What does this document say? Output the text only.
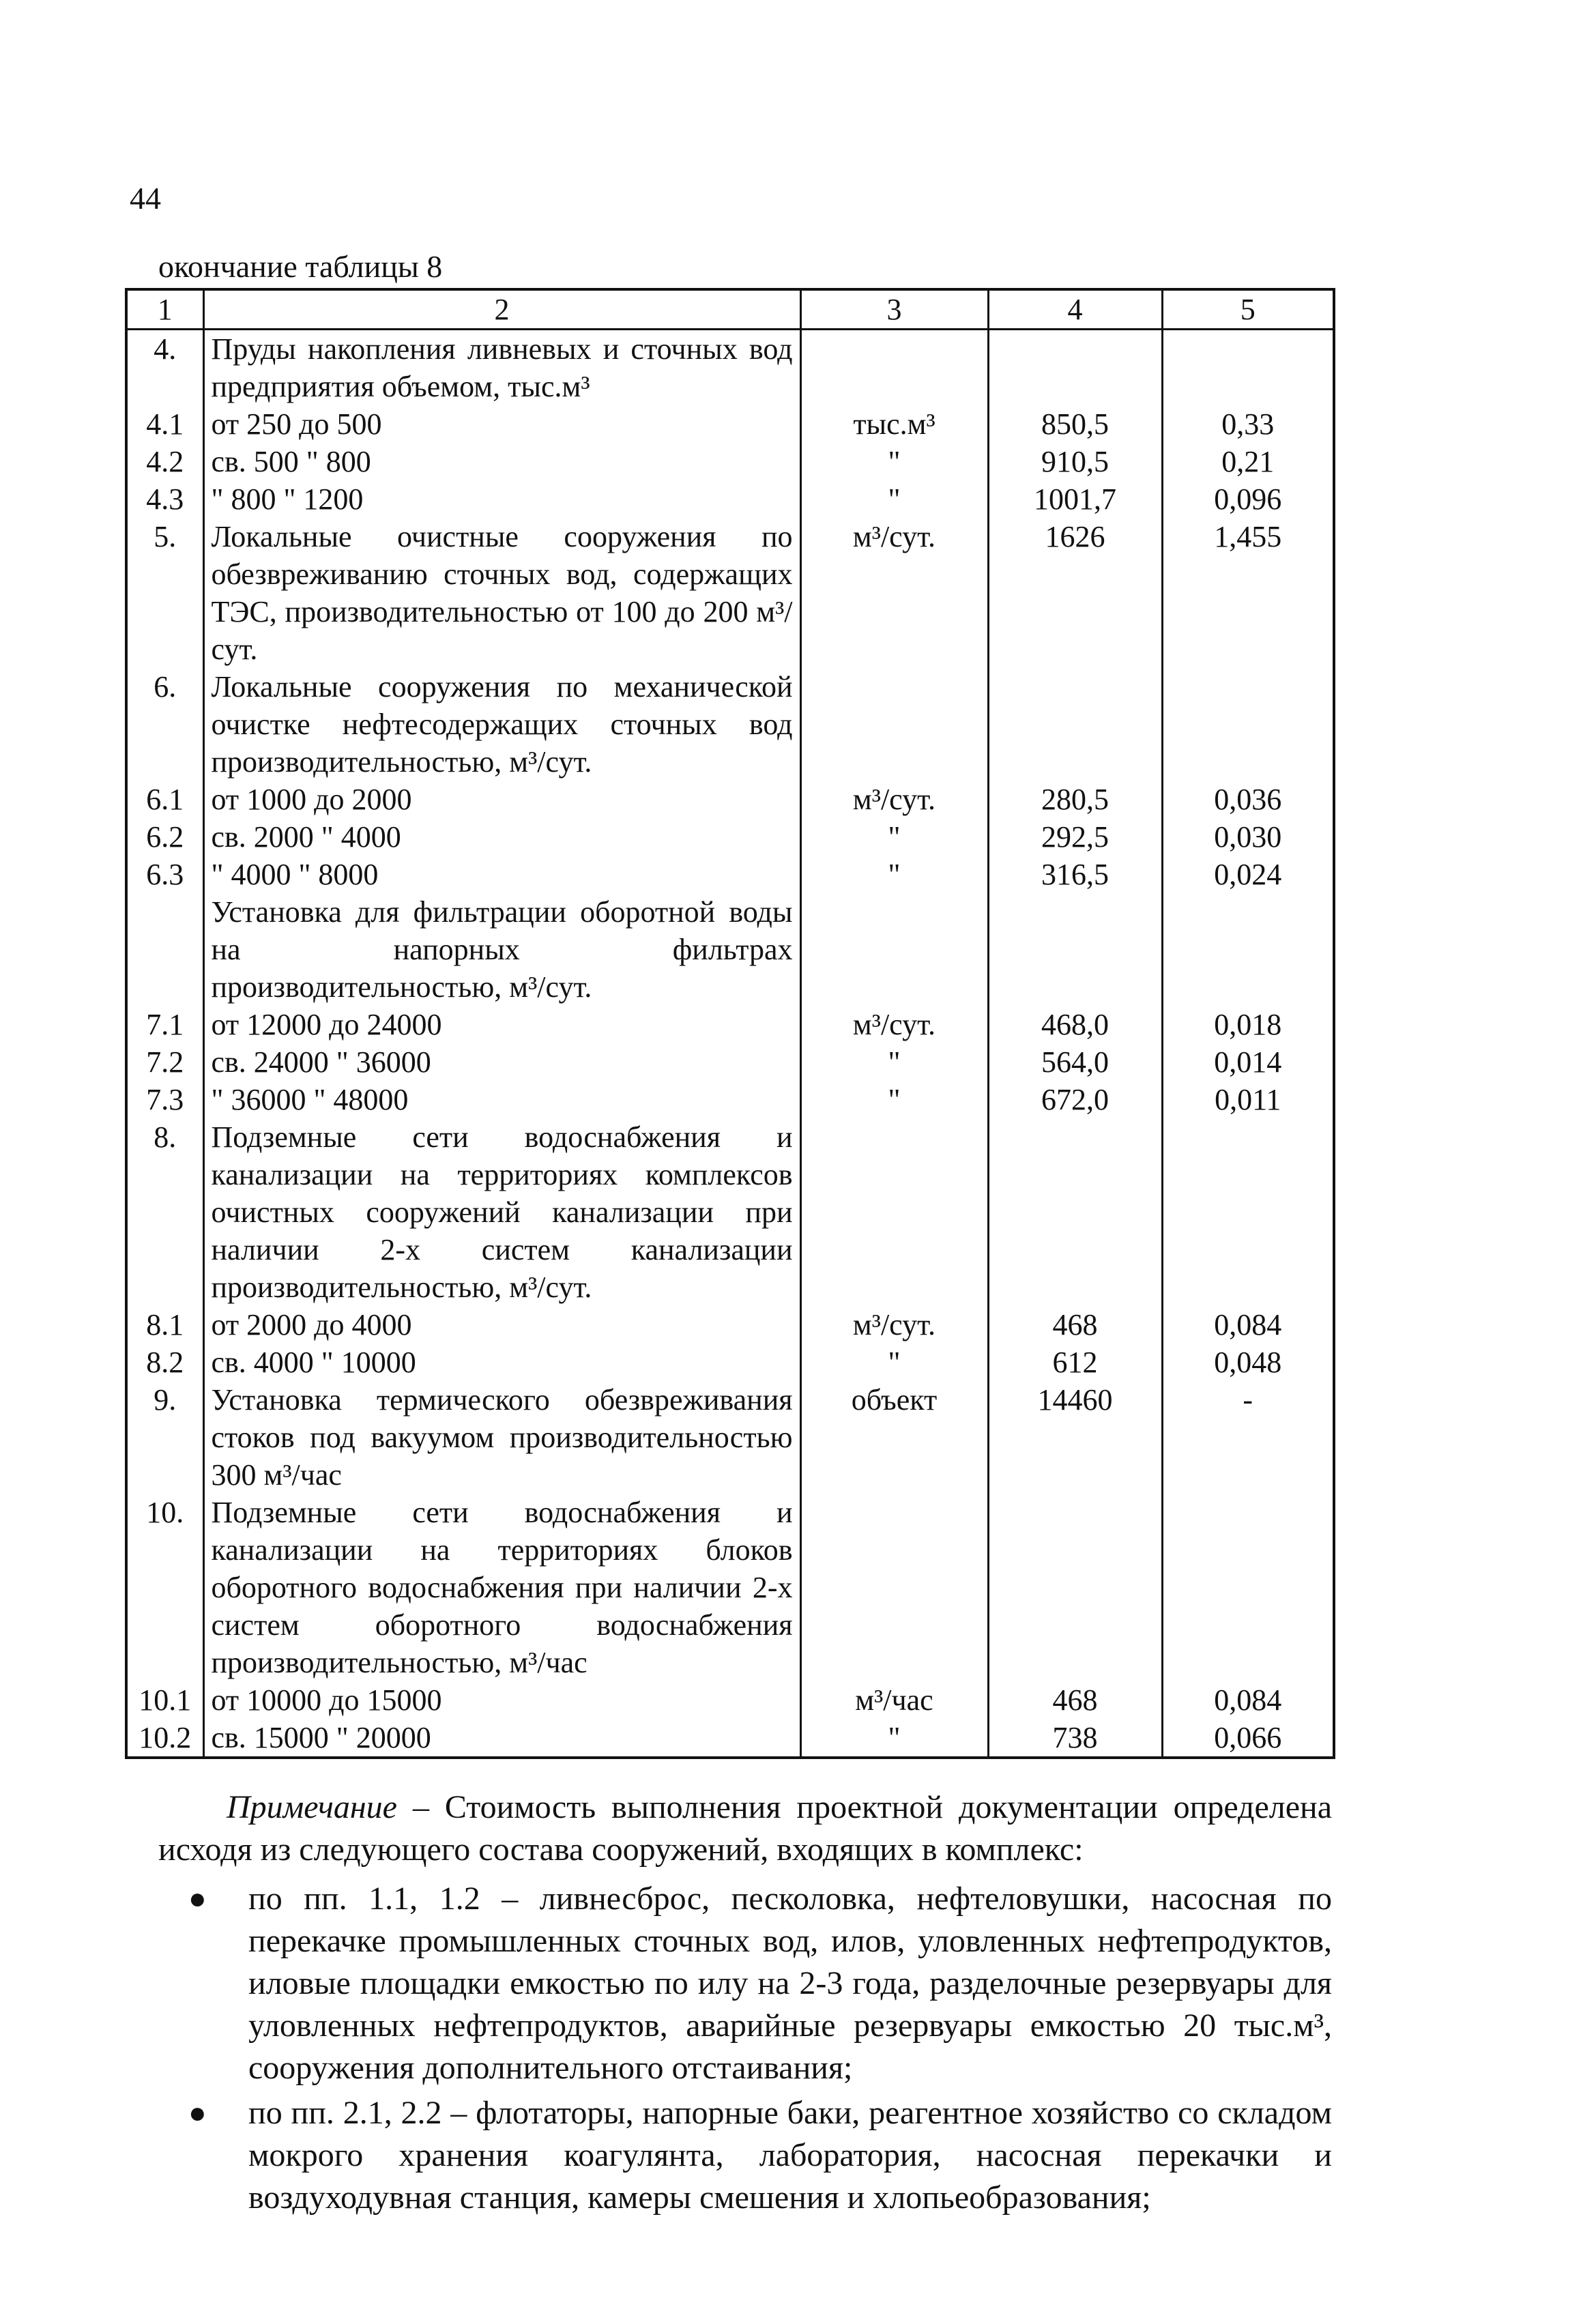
44
окончание таблицы 8
1	2	3	4	5
4.	Пруды накопления ливневых и сточных вод предприятия объемом, тыс.м³			
4.1	от 250 до 500	тыс.м³	850,5	0,33
4.2	св. 500 " 800	"	910,5	0,21
4.3	" 800 " 1200	"	1001,7	0,096
5.	Локальные очистные сооружения по обезвреживанию сточных вод, содержащих ТЭС, производительностью от 100 до 200 м³/сут.	м³/сут.	1626	1,455
6.	Локальные сооружения по механической очистке нефтесодержащих сточных вод производительностью, м³/сут.			
6.1	от 1000 до 2000	м³/сут.	280,5	0,036
6.2	св. 2000 " 4000	"	292,5	0,030
6.3	" 4000 " 8000	"	316,5	0,024
	Установка для фильтрации оборотной воды на напорных фильтрах производительностью, м³/сут.			
7.1	от 12000 до 24000	м³/сут.	468,0	0,018
7.2	св. 24000 " 36000	"	564,0	0,014
7.3	" 36000 " 48000	"	672,0	0,011
8.	Подземные сети водоснабжения и канализации на территориях комплексов очистных сооружений канализации при наличии 2-х систем канализации производительностью, м³/сут.			
8.1	от 2000 до 4000	м³/сут.	468	0,084
8.2	св. 4000 " 10000	"	612	0,048
9.	Установка термического обезвреживания стоков под вакуумом производительностью 300 м³/час	объект	14460	-
10.	Подземные сети водоснабжения и канализации на территориях блоков оборотного водоснабжения при наличии 2-х систем оборотного водоснабжения производительностью, м³/час			
10.1	от 10000 до 15000	м³/час	468	0,084
10.2	св. 15000 " 20000	"	738	0,066

Примечание – Стоимость выполнения проектной документации определена исходя из следующего состава сооружений, входящих в комплекс:

● по пп. 1.1, 1.2 – ливнесброс, песколовка, нефтеловушки, насосная по перекачке промышленных сточных вод, илов, уловленных нефтепродуктов, иловые площадки емкостью по илу на 2-3 года, разделочные резервуары для уловленных нефтепродуктов, аварийные резервуары емкостью 20 тыс.м³, сооружения дополнительного отстаивания;
● по пп. 2.1, 2.2 – флотаторы, напорные баки, реагентное хозяйство со складом мокрого хранения коагулянта, лаборатория, насосная перекачки и воздуходувная станция, камеры смешения и хлопьеобразования;
